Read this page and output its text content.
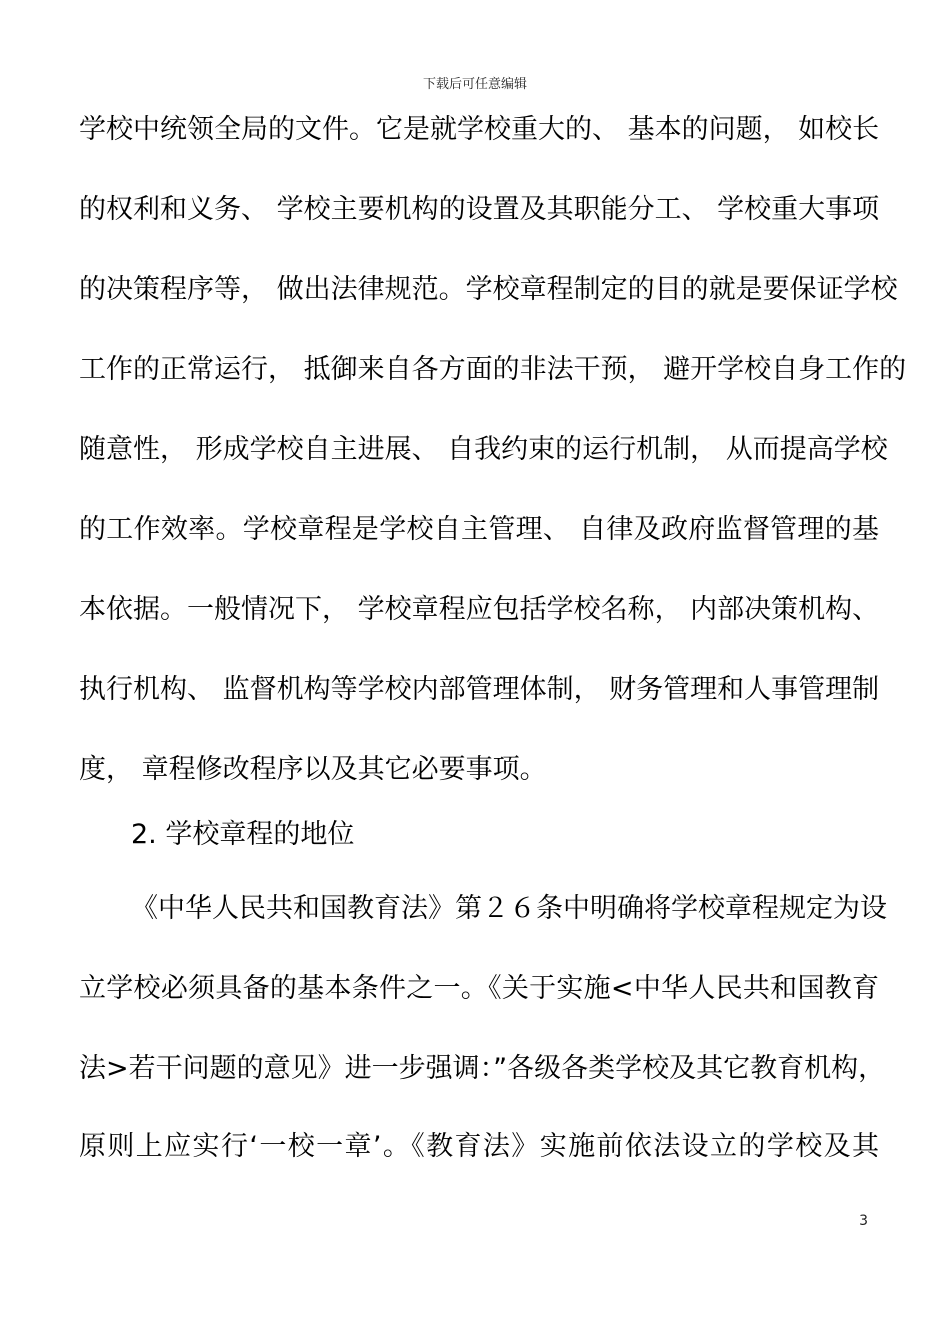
下载后可任意编辑
学校中统领全局的文件。它是就学校重大的、 基本的问题， 如校长
的权利和义务、 学校主要机构的设置及其职能分工、 学校重大事项
的决策程序等， 做出法律规范。学校章程制定的目的就是要保证学校
工作的正常运行， 抵御来自各方面的非法干预， 避开学校自身工作的
随意性， 形成学校自主进展、 自我约束的运行机制， 从而提高学校
的工作效率。学校章程是学校自主管理、 自律及政府监督管理的基
本依据。一般情况下， 学校章程应包括学校名称， 内部决策机构、
执行机构、 监督机构等学校内部管理体制， 财务管理和人事管理制
度， 章程修改程序以及其它必要事项。
2. 学校章程的地位
《中华人民共和国教育法》第２６条中明确将学校章程规定为设
立学校必须具备的基本条件之一。《关于实施<中华人民共和国教育
法>若干问题的意见》进一步强调：”各级各类学校及其它教育机构，
原则上应实行‘一校一章’。《教育法》实施前依法设立的学校及其
3
